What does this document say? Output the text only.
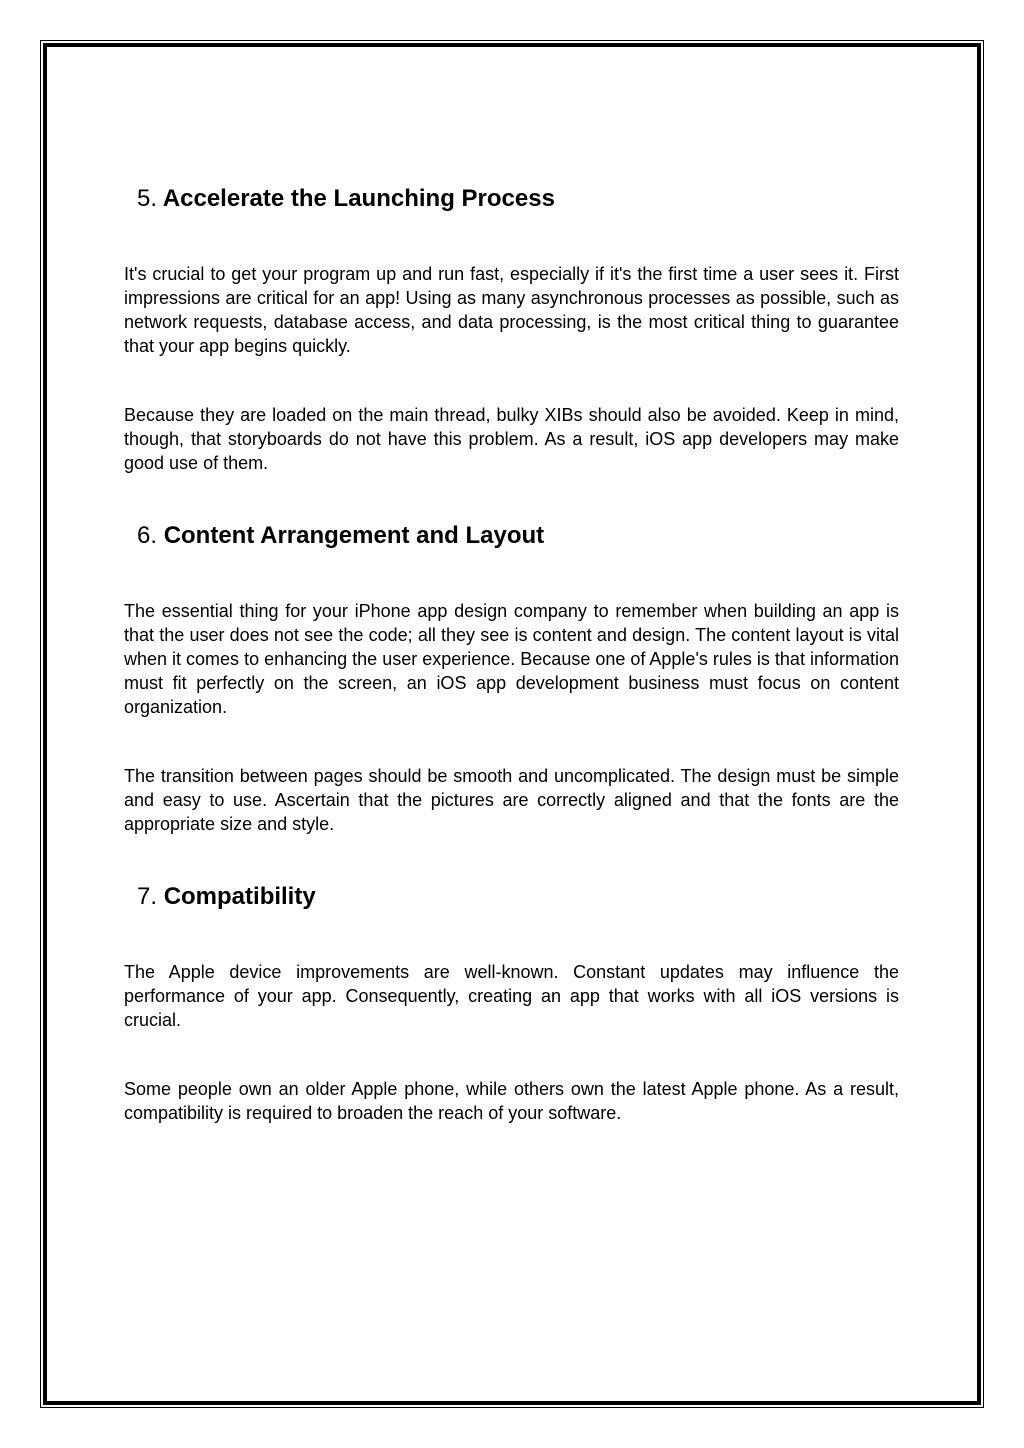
5. Accelerate the Launching Process

It's crucial to get your program up and run fast, especially if it's the first time a user sees it. First impressions are critical for an app! Using as many asynchronous processes as possible, such as network requests, database access, and data processing, is the most critical thing to guarantee that your app begins quickly.

Because they are loaded on the main thread, bulky XIBs should also be avoided. Keep in mind, though, that storyboards do not have this problem. As a result, iOS app developers may make good use of them.

6. Content Arrangement and Layout

The essential thing for your iPhone app design company to remember when building an app is that the user does not see the code; all they see is content and design. The content layout is vital when it comes to enhancing the user experience. Because one of Apple's rules is that information must fit perfectly on the screen, an iOS app development business must focus on content organization.

The transition between pages should be smooth and uncomplicated. The design must be simple and easy to use. Ascertain that the pictures are correctly aligned and that the fonts are the appropriate size and style.

7. Compatibility

The Apple device improvements are well-known. Constant updates may influence the performance of your app. Consequently, creating an app that works with all iOS versions is crucial.

Some people own an older Apple phone, while others own the latest Apple phone. As a result, compatibility is required to broaden the reach of your software.
